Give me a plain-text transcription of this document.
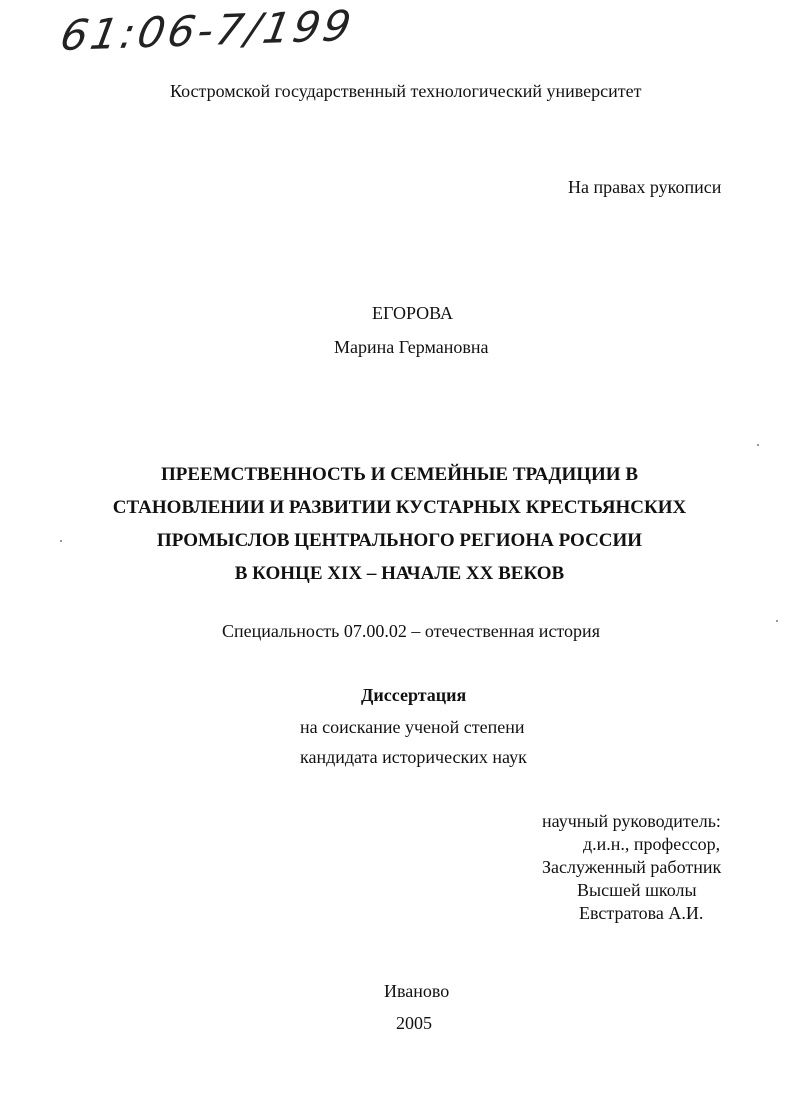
61:06-7/199
Костромской государственный технологический университет
На правах рукописи
ЕГОРОВА
Марина Германовна
ПРЕЕМСТВЕННОСТЬ И СЕМЕЙНЫЕ ТРАДИЦИИ В
СТАНОВЛЕНИИ И РАЗВИТИИ КУСТАРНЫХ КРЕСТЬЯНСКИХ
ПРОМЫСЛОВ ЦЕНТРАЛЬНОГО РЕГИОНА РОССИИ
В КОНЦЕ XIX – НАЧАЛЕ XX ВЕКОВ
Специальность 07.00.02 – отечественная история
Диссертация
на соискание ученой степени
кандидата исторических наук
научный руководитель:
д.и.н., профессор,
Заслуженный работник
Высшей школы
Евстратова А.И.
Иваново
2005
